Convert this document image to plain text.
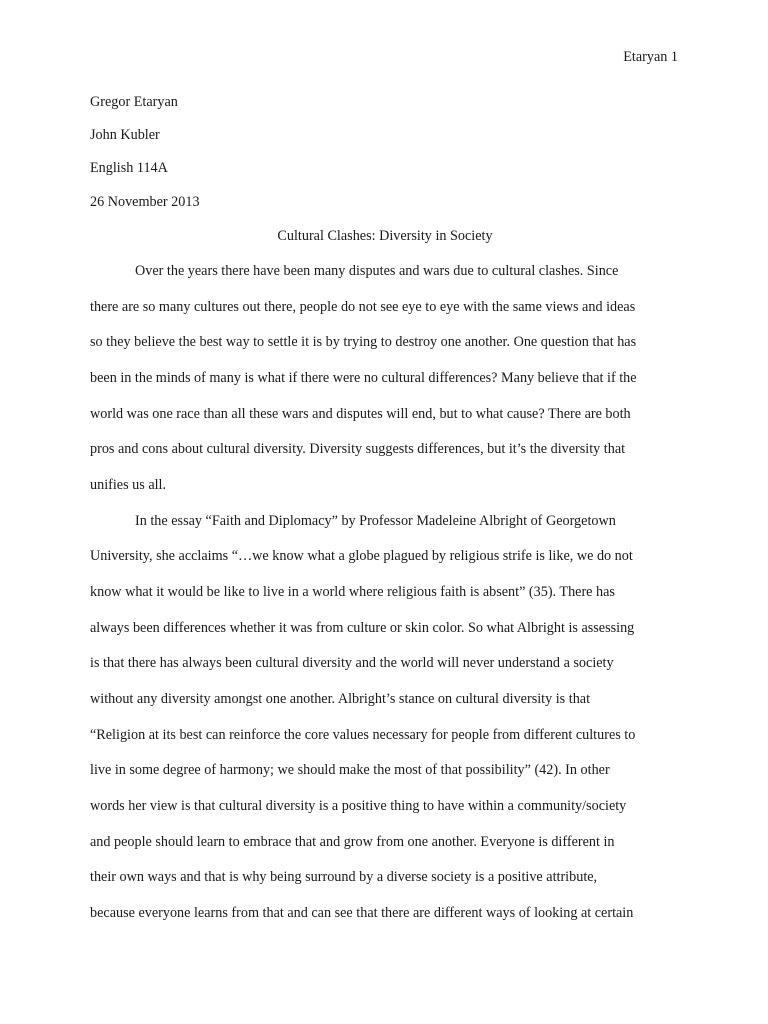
Etaryan 1
Gregor Etaryan
John Kubler
English 114A
26 November 2013
Cultural Clashes: Diversity in Society
Over the years there have been many disputes and wars due to cultural clashes. Since
there are so many cultures out there, people do not see eye to eye with the same views and ideas
so they believe the best way to settle it is by trying to destroy one another. One question that has
been in the minds of many is what if there were no cultural differences? Many believe that if the
world was one race than all these wars and disputes will end, but to what cause? There are both
pros and cons about cultural diversity. Diversity suggests differences, but it’s the diversity that
unifies us all.
In the essay “Faith and Diplomacy” by Professor Madeleine Albright of Georgetown
University, she acclaims “…we know what a globe plagued by religious strife is like, we do not
know what it would be like to live in a world where religious faith is absent” (35). There has
always been differences whether it was from culture or skin color. So what Albright is assessing
is that there has always been cultural diversity and the world will never understand a society
without any diversity amongst one another. Albright’s stance on cultural diversity is that
“Religion at its best can reinforce the core values necessary for people from different cultures to
live in some degree of harmony; we should make the most of that possibility” (42). In other
words her view is that cultural diversity is a positive thing to have within a community/society
and people should learn to embrace that and grow from one another. Everyone is different in
their own ways and that is why being surround by a diverse society is a positive attribute,
because everyone learns from that and can see that there are different ways of looking at certain
